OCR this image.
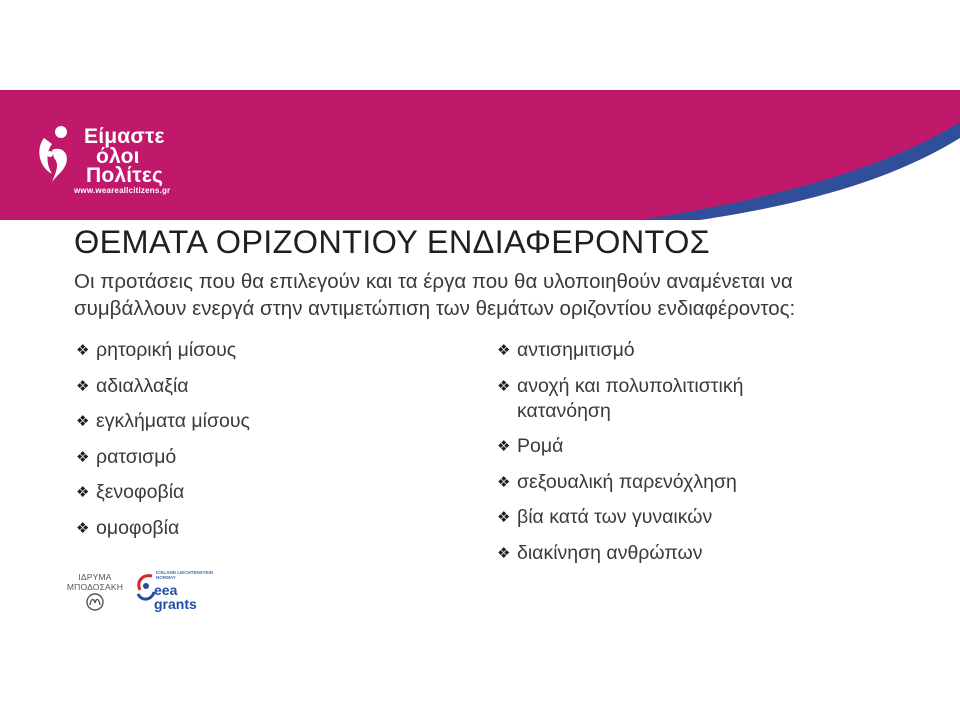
Είμαστε
όλοι
Πολίτες
www.weareallcitizens.gr
ΘΕΜΑΤΑ ΟΡΙΖΟΝΤΙΟΥ ΕΝΔΙΑΦΕΡΟΝΤΟΣ

Οι προτάσεις που θα επιλεγούν και τα έργα που θα υλοποιηθούν αναμένεται να συμβάλλουν ενεργά στην αντιμετώπιση των θεμάτων οριζοντίου ενδιαφέροντος:

❖ ρητορική μίσους
❖ αδιαλλαξία
❖ εγκλήματα μίσους
❖ ρατσισμό
❖ ξενοφοβία
❖ ομοφοβία
❖ αντισημιτισμό
❖ ανοχή και πολυπολιτιστική κατανόηση
❖ Ρομά
❖ σεξουαλική παρενόχληση
❖ βία κατά των γυναικών
❖ διακίνηση ανθρώπων
ΙΔΡΥΜΑ
ΜΠΟΔΟΣΑΚΗ
ICELAND LIECHTENSTEIN NORWAY
eea
grants
